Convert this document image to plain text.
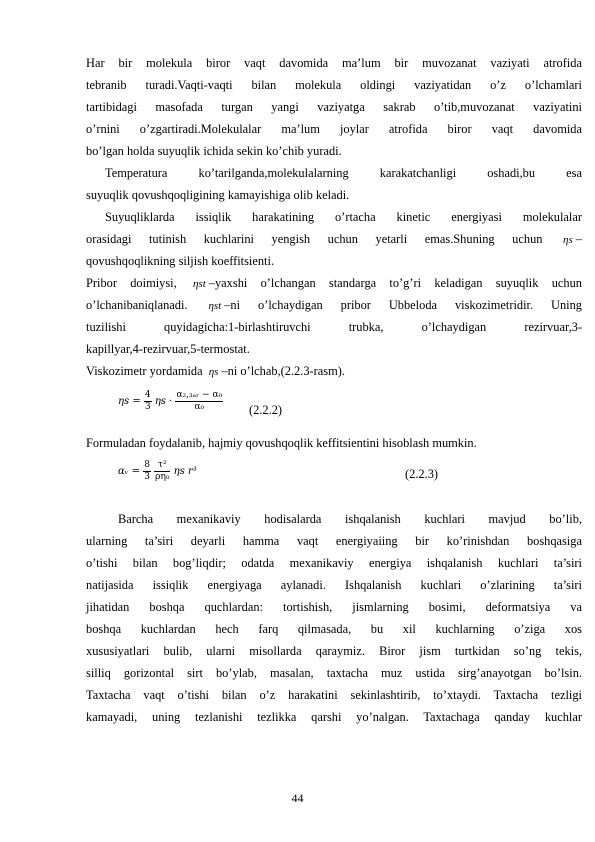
Har bir molekula biror vaqt davomida ma’lum bir muvozanat vaziyati atrofida

tebranib turadi.Vaqti-vaqti bilan molekula oldingi vaziyatidan o’z o’lchamlari

tartibidagi masofada turgan yangi vaziyatga sakrab o’tib,muvozanat vaziyatini

o’rnini o’zgartiradi.Molekulalar ma’lum joylar atrofida biror vaqt davomida

bo’lgan holda suyuqlik ichida sekin ko’chib yuradi.

Temperatura ko’tarilganda,molekulalarning karakatchanligi oshadi,bu esa

suyuqlik qovushqoqligining kamayishiga olib keladi.

Suyuqliklarda issiqlik harakatining o’rtacha kinetic energiyasi molekulalar

orasidagi tutinish kuchlarini yengish uchun yetarli emas.Shuning uchun ηs –

qovushqoqlikning siljish koeffitsienti.

Pribor doimiysi, ηst –yaxshi o’lchangan standarga to’g’ri keladigan suyuqlik uchun

o’lchanibaniqlanadi. ηst –ni o’lchaydigan pribor Ubbeloda viskozimetridir. Uning

tuzilishi quyidagicha:1-birlashtiruvchi trubka, o’lchaydigan rezirvuar,3-

kapillyar,4-rezirvuar,5-termostat.

Viskozimetr yordamida ηs –ni o’lchab,(2.2.3-rasm).

$\eta s = \frac{4}{3}$ $\eta s \cdot \frac{\text{α₂,₃ₐᵣ − α₀}}{\text{α₀}} (2.2.2)$

Formuladan foydalanib, hajmiy qovushqoqlik keffitsientini hisoblash mumkin.

αᵥ = $\frac{8}{3}$
$\frac{\text{τ²}}{\text{ρη₀}}$ ηs r³	(2.2.3)

Barcha mexanikaviy hodisalarda ishqalanish kuchlari mavjud bo’lib,

ularning ta’siri deyarli hamma vaqt energiyaiing bir ko’rinishdan boshqasiga

o’tishi bilan bog’liqdir; odatda mexanikaviy energiya ishqalanish kuchlari ta’siri

natijasida issiqlik energiyaga aylanadi. Ishqalanish kuchlari o’zlarining ta’siri

jihatidan boshqa quchlardan: tortishish, jismlarning bosimi, deformatsiya va

boshqa kuchlardan hech farq qilmasada, bu xil kuchlarning o’ziga xos

xususiyatlari bulib, ularni misollarda qaraymiz. Biror jism turtkidan so’ng tekis,

silliq gorizontal sirt bo’ylab, masalan, taxtacha muz ustida sirg’anayotgan bo’lsin.

Taxtacha vaqt o’tishi bilan o’z harakatini sekinlashtirib, to’xtaydi. Taxtacha tezligi

kamayadi, uning tezlanishi tezlikka qarshi yo’nalgan. Taxtachaga qanday kuchlar

44
